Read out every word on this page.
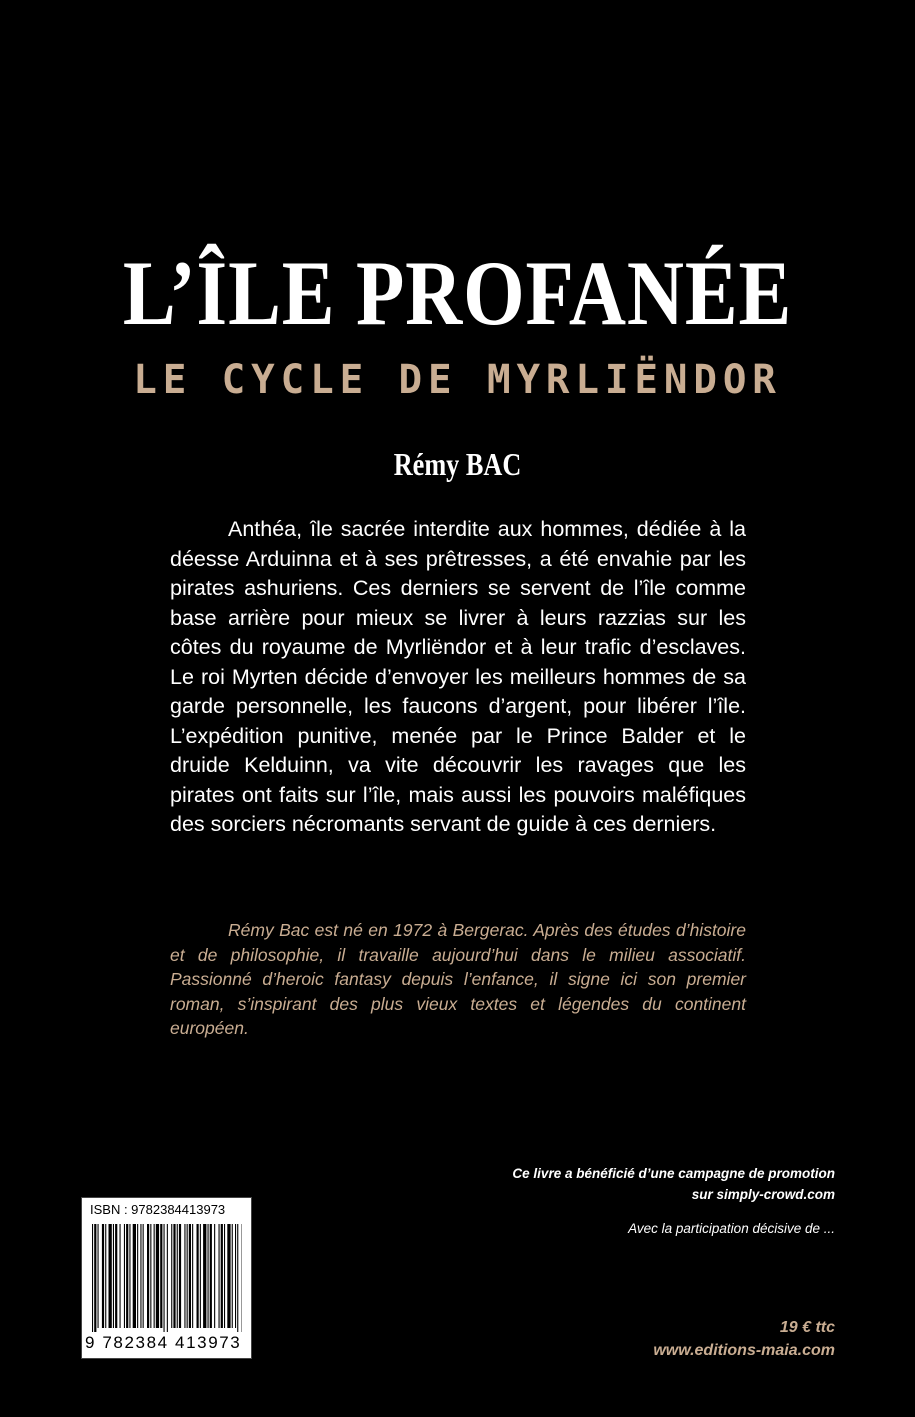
L’ÎLE PROFANÉE
LE CYCLE DE MYRLIËNDOR
Rémy BAC

Anthéa, île sacrée interdite aux hommes, dédiée à la déesse Arduinna et à ses prêtresses, a été envahie par les pirates ashuriens. Ces derniers se servent de l’île comme base arrière pour mieux se livrer à leurs razzias sur les côtes du royaume de Myrliëndor et à leur trafic d’esclaves. Le roi Myrten décide d’envoyer les meilleurs hommes de sa garde personnelle, les faucons d’argent, pour libérer l’île. L’expédition punitive, menée par le Prince Balder et le druide Kelduinn, va vite découvrir les ravages que les pirates ont faits sur l’île, mais aussi les pouvoirs maléfiques des sorciers nécromants servant de guide à ces derniers.

Rémy Bac est né en 1972 à Bergerac. Après des études d’histoire et de philosophie, il travaille aujourd’hui dans le milieu associatif. Passionné d’heroic fantasy depuis l’enfance, il signe ici son premier roman, s’inspirant des plus vieux textes et légendes du continent européen.

Ce livre a bénéficié d’une campagne de promotion
sur simply-crowd.com
Avec la participation décisive de ...
ISBN : 9782384413973
9 782384 413973
19 € ttc
www.editions-maia.com
